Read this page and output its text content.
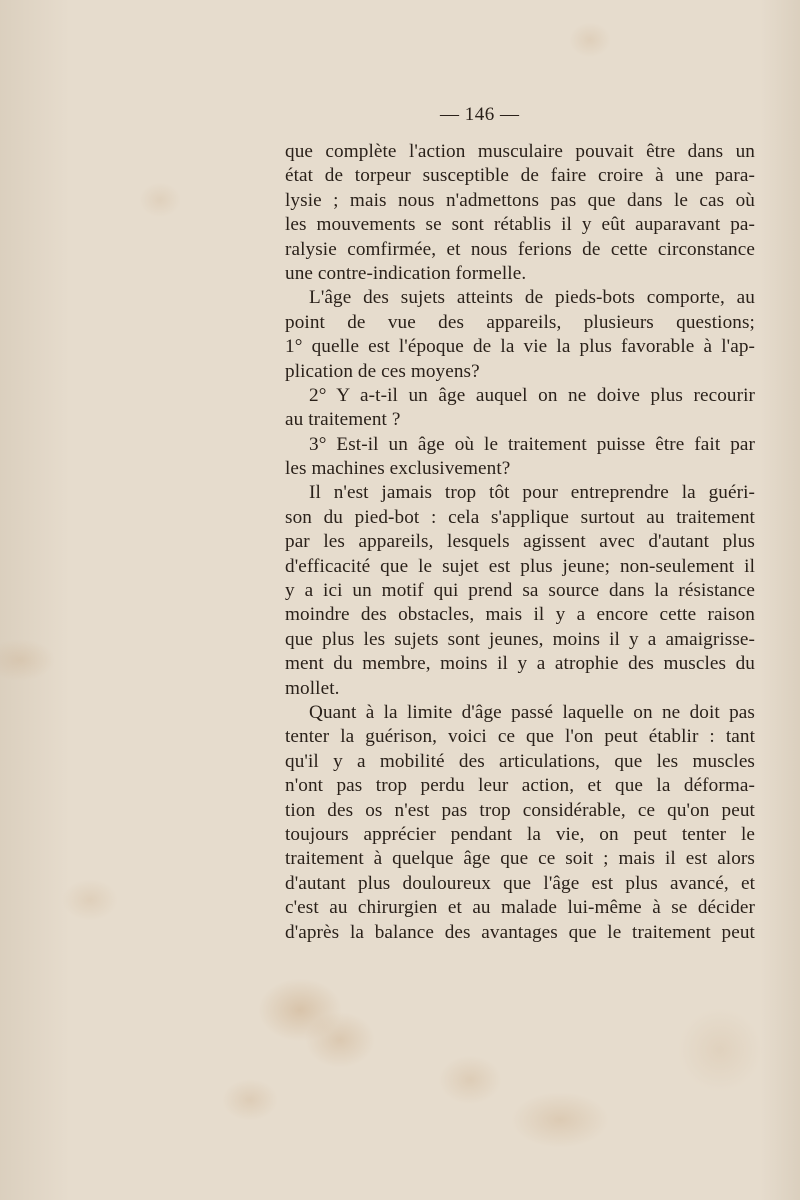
— 146 —
que complète l'action musculaire pouvait être dans un
état de torpeur susceptible de faire croire à une para-
lysie ; mais nous n'admettons pas que dans le cas où
les mouvements se sont rétablis il y eût auparavant pa-
ralysie comfirmée, et nous ferions de cette circonstance
une contre-indication formelle.
L'âge des sujets atteints de pieds-bots comporte, au
point de vue des appareils, plusieurs questions;
1° quelle est l'époque de la vie la plus favorable à l'ap-
plication de ces moyens?
2° Y a-t-il un âge auquel on ne doive plus recourir
au traitement ?
3° Est-il un âge où le traitement puisse être fait par
les machines exclusivement?
Il n'est jamais trop tôt pour entreprendre la guéri-
son du pied-bot : cela s'applique surtout au traitement
par les appareils, lesquels agissent avec d'autant plus
d'efficacité que le sujet est plus jeune; non-seulement il
y a ici un motif qui prend sa source dans la résistance
moindre des obstacles, mais il y a encore cette raison
que plus les sujets sont jeunes, moins il y a amaigrisse-
ment du membre, moins il y a atrophie des muscles du
mollet.
Quant à la limite d'âge passé laquelle on ne doit pas
tenter la guérison, voici ce que l'on peut établir : tant
qu'il y a mobilité des articulations, que les muscles
n'ont pas trop perdu leur action, et que la déforma-
tion des os n'est pas trop considérable, ce qu'on peut
toujours apprécier pendant la vie, on peut tenter le
traitement à quelque âge que ce soit ; mais il est alors
d'autant plus douloureux que l'âge est plus avancé, et
c'est au chirurgien et au malade lui-même à se décider
d'après la balance des avantages que le traitement peut
